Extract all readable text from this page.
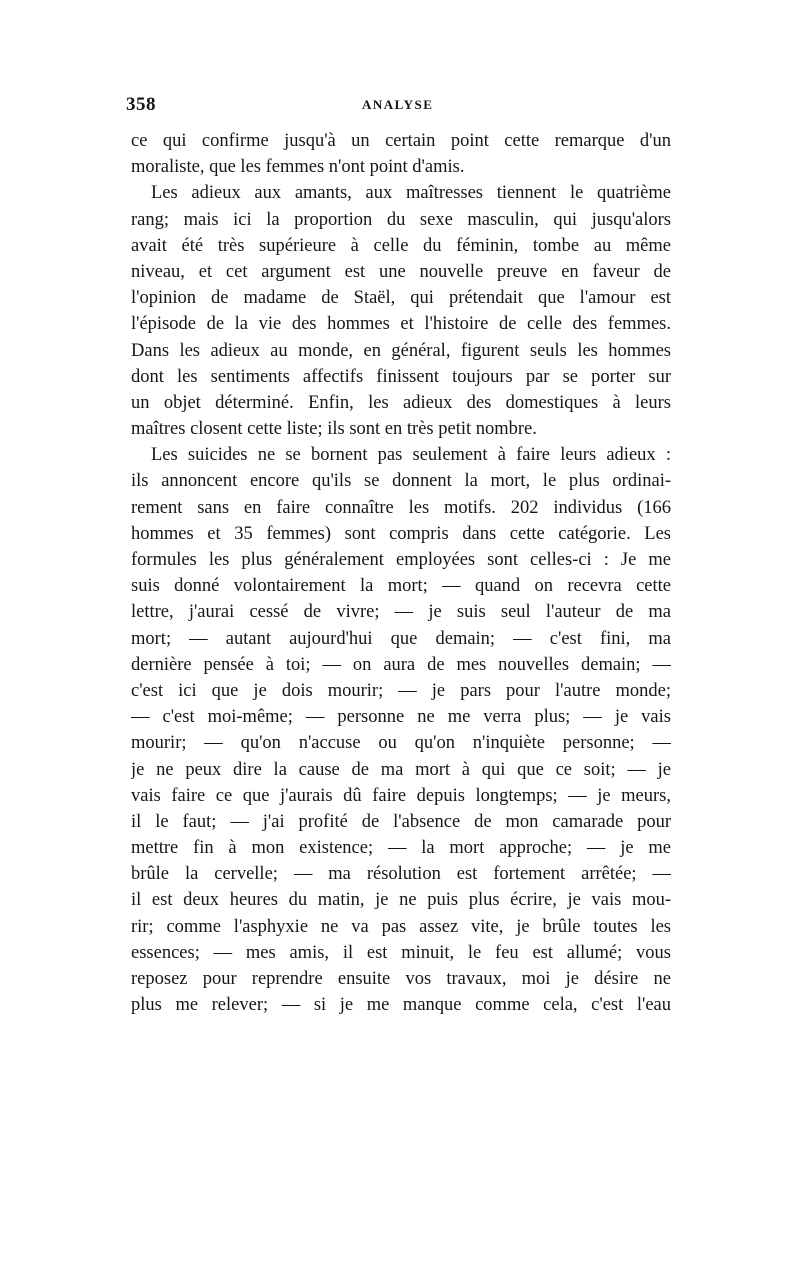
358	ANALYSE
ce qui confirme jusqu'à un certain point cette remarque d'un
moraliste, que les femmes n'ont point d'amis.
Les adieux aux amants, aux maîtresses tiennent le quatrième
rang; mais ici la proportion du sexe masculin, qui jusqu'alors
avait été très supérieure à celle du féminin, tombe au même
niveau, et cet argument est une nouvelle preuve en faveur de
l'opinion de madame de Staël, qui prétendait que l'amour est
l'épisode de la vie des hommes et l'histoire de celle des femmes.
Dans les adieux au monde, en général, figurent seuls les hommes
dont les sentiments affectifs finissent toujours par se porter sur
un objet déterminé. Enfin, les adieux des domestiques à leurs
maîtres closent cette liste; ils sont en très petit nombre.
Les suicides ne se bornent pas seulement à faire leurs adieux :
ils annoncent encore qu'ils se donnent la mort, le plus ordinai-
rement sans en faire connaître les motifs. 202 individus (166
hommes et 35 femmes) sont compris dans cette catégorie. Les
formules les plus généralement employées sont celles-ci : Je me
suis donné volontairement la mort; — quand on recevra cette
lettre, j'aurai cessé de vivre; — je suis seul l'auteur de ma
mort; — autant aujourd'hui que demain; — c'est fini, ma
dernière pensée à toi; — on aura de mes nouvelles demain; —
c'est ici que je dois mourir; — je pars pour l'autre monde;
— c'est moi-même; — personne ne me verra plus; — je vais
mourir; — qu'on n'accuse ou qu'on n'inquiète personne; —
je ne peux dire la cause de ma mort à qui que ce soit; — je
vais faire ce que j'aurais dû faire depuis longtemps; — je meurs,
il le faut; — j'ai profité de l'absence de mon camarade pour
mettre fin à mon existence; — la mort approche; — je me
brûle la cervelle; — ma résolution est fortement arrêtée; —
il est deux heures du matin, je ne puis plus écrire, je vais mou-
rir; comme l'asphyxie ne va pas assez vite, je brûle toutes les
essences; — mes amis, il est minuit, le feu est allumé; vous
reposez pour reprendre ensuite vos travaux, moi je désire ne
plus me relever; — si je me manque comme cela, c'est l'eau
